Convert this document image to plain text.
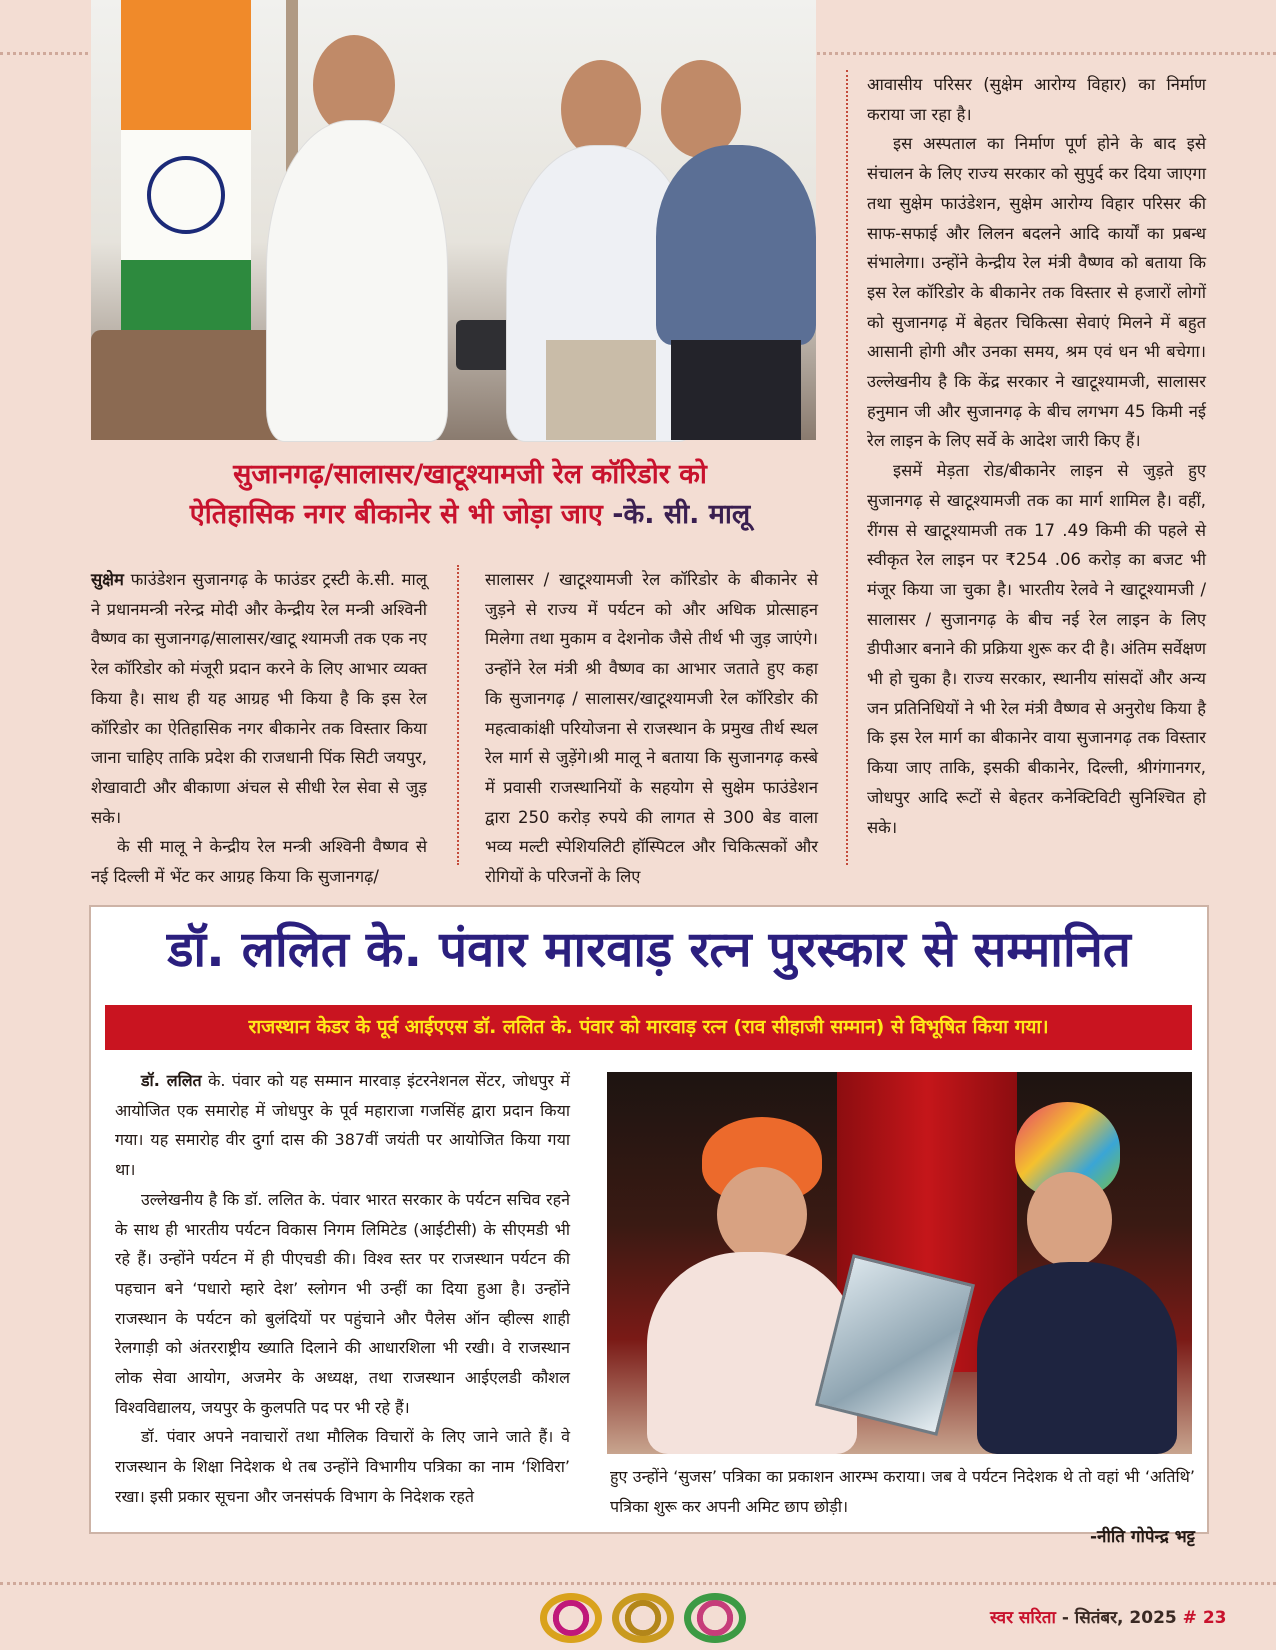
सुजानगढ़/सालासर/खाटूश्यामजी रेल कॉरिडोर को
ऐतिहासिक नगर बीकानेर से भी जोड़ा जाए -के. सी. मालू

सुक्षेम फाउंडेशन सुजानगढ़ के फाउंडर ट्रस्टी के.सी. मालू ने प्रधानमन्त्री नरेन्द्र मोदी और केन्द्रीय रेल मन्त्री अश्विनी वैष्णव का सुजानगढ़/सालासर/खाटू श्यामजी तक एक नए रेल कॉरिडोर को मंजूरी प्रदान करने के लिए आभार व्यक्त किया है। साथ ही यह आग्रह भी किया है कि इस रेल कॉरिडोर का ऐतिहासिक नगर बीकानेर तक विस्तार किया जाना चाहिए ताकि प्रदेश की राजधानी पिंक सिटी जयपुर, शेखावाटी और बीकाणा अंचल से सीधी रेल सेवा से जुड़ सके।

के सी मालू ने केन्द्रीय रेल मन्त्री अश्विनी वैष्णव से नई दिल्ली में भेंट कर आग्रह किया कि सुजानगढ़/

सालासर / खाटूश्यामजी रेल कॉरिडोर के बीकानेर से जुड़ने से राज्य में पर्यटन को और अधिक प्रोत्साहन मिलेगा तथा मुकाम व देशनोक जैसे तीर्थ भी जुड़ जाएंगे। उन्होंने रेल मंत्री श्री वैष्णव का आभार जताते हुए कहा कि सुजानगढ़ / सालासर/खाटूश्यामजी रेल कॉरिडोर की महत्वाकांक्षी परियोजना से राजस्थान के प्रमुख तीर्थ स्थल रेल मार्ग से जुड़ेंगे।श्री मालू ने बताया कि सुजानगढ़ कस्बे में प्रवासी राजस्थानियों के सहयोग से सुक्षेम फाउंडेशन द्वारा 250 करोड़ रुपये की लागत से 300 बेड वाला भव्य मल्टी स्पेशियलिटी हॉस्पिटल और चिकित्सकों और रोगियों के परिजनों के लिए

आवासीय परिसर (सुक्षेम आरोग्य विहार) का निर्माण कराया जा रहा है।

इस अस्पताल का निर्माण पूर्ण होने के बाद इसे संचालन के लिए राज्य सरकार को सुपुर्द कर दिया जाएगा तथा सुक्षेम फाउंडेशन, सुक्षेम आरोग्य विहार परिसर की साफ-सफाई और लिलन बदलने आदि कार्यों का प्रबन्ध संभालेगा। उन्होंने केन्द्रीय रेल मंत्री वैष्णव को बताया कि इस रेल कॉरिडोर के बीकानेर तक विस्तार से हजारों लोगों को सुजानगढ़ में बेहतर चिकित्सा सेवाएं मिलने में बहुत आसानी होगी और उनका समय, श्रम एवं धन भी बचेगा। उल्लेखनीय है कि केंद्र सरकार ने खाटूश्यामजी, सालासर हनुमान जी और सुजानगढ़ के बीच लगभग 45 किमी नई रेल लाइन के लिए सर्वे के आदेश जारी किए हैं।

इसमें मेड़ता रोड/बीकानेर लाइन से जुड़ते हुए सुजानगढ़ से खाटूश्यामजी तक का मार्ग शामिल है। वहीं, रींगस से खाटूश्यामजी तक 17 .49 किमी की पहले से स्वीकृत रेल लाइन पर ₹254 .06 करोड़ का बजट भी मंजूर किया जा चुका है। भारतीय रेलवे ने खाटूश्यामजी / सालासर / सुजानगढ़ के बीच नई रेल लाइन के लिए डीपीआर बनाने की प्रक्रिया शुरू कर दी है। अंतिम सर्वेक्षण भी हो चुका है। राज्य सरकार, स्थानीय सांसदों और अन्य जन प्रतिनिधियों ने भी रेल मंत्री वैष्णव से अनुरोध किया है कि इस रेल मार्ग का बीकानेर वाया सुजानगढ़ तक विस्तार किया जाए ताकि, इसकी बीकानेर, दिल्ली, श्रीगंगानगर, जोधपुर आदि रूटों से बेहतर कनेक्टिविटी सुनिश्चित हो सके।

डॉ. ललित के. पंवार मारवाड़ रत्न पुरस्कार से सम्मानित
राजस्थान केडर के पूर्व आईएएस डॉ. ललित के. पंवार को मारवाड़ रत्न (राव सीहाजी सम्मान) से विभूषित किया गया।

डॉ. ललित के. पंवार को यह सम्मान मारवाड़ इंटरनेशनल सेंटर, जोधपुर में आयोजित एक समारोह में जोधपुर के पूर्व महाराजा गजसिंह द्वारा प्रदान किया गया। यह समारोह वीर दुर्गा दास की 387वीं जयंती पर आयोजित किया गया था।

उल्लेखनीय है कि डॉ. ललित के. पंवार भारत सरकार के पर्यटन सचिव रहने के साथ ही भारतीय पर्यटन विकास निगम लिमिटेड (आईटीसी) के सीएमडी भी रहे हैं। उन्होंने पर्यटन में ही पीएचडी की। विश्व स्तर पर राजस्थान पर्यटन की पहचान बने ‘पधारो म्हारे देश’ स्लोगन भी उन्हीं का दिया हुआ है। उन्होंने राजस्थान के पर्यटन को बुलंदियों पर पहुंचाने और पैलेस ऑन व्हील्स शाही रेलगाड़ी को अंतरराष्ट्रीय ख्याति दिलाने की आधारशिला भी रखी। वे राजस्थान लोक सेवा आयोग, अजमेर के अध्यक्ष, तथा राजस्थान आईएलडी कौशल विश्वविद्यालय, जयपुर के कुलपति पद पर भी रहे हैं।

डॉ. पंवार अपने नवाचारों तथा मौलिक विचारों के लिए जाने जाते हैं। वे राजस्थान के शिक्षा निदेशक थे तब उन्होंने विभागीय पत्रिका का नाम ‘शिविरा’ रखा। इसी प्रकार सूचना और जनसंपर्क विभाग के निदेशक रहते

हुए उन्होंने ‘सुजस’ पत्रिका का प्रकाशन आरम्भ कराया। जब वे पर्यटन निदेशक थे तो वहां भी ‘अतिथि’ पत्रिका शुरू कर अपनी अमिट छाप छोड़ी।

-नीति गोपेन्द्र भट्ट
स्वर सरिता - सितंबर, 2025 # 23
